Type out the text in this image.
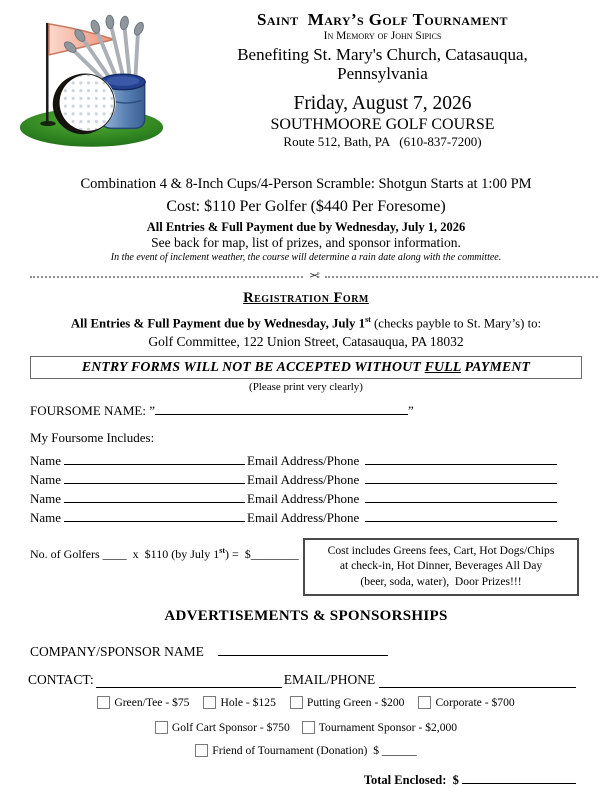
Saint  Mary’s Golf Tournament
In Memory of John Sipics
Benefiting St. Mary's Church, Catasauqua,
Pennsylvania
Friday, August 7, 2026
SOUTHMOORE GOLF COURSE
Route 512, Bath, PA   (610-837-7200)
Combination 4 & 8-Inch Cups/4-Person Scramble: Shotgun Starts at 1:00 PM
Cost: $110 Per Golfer ($440 Per Foresome)
All Entries & Full Payment due by Wednesday, July 1, 2026
See back for map, list of prizes, and sponsor information.
In the event of inclement weather, the course will determine a rain date along with the committee.
✂
Registration Form
All Entries & Full Payment due by Wednesday, July 1st (checks payble to St. Mary’s) to:
Golf Committee, 122 Union Street, Catasauqua, PA 18032
ENTRY FORMS WILL NOT BE ACCEPTED WITHOUT FULL PAYMENT
(Please print very clearly)
FOURSOME NAME: ”	”
My Foursome Includes:
Name	Email Address/Phone
Name	Email Address/Phone
Name	Email Address/Phone
Name	Email Address/Phone
No. of Golfers ____  x  $110 (by July 1st) =  $________	Cost includes Greens fees, Cart, Hot Dogs/Chips
at check-in, Hot Dinner, Beverages All Day
(beer, soda, water),  Door Prizes!!!
ADVERTISEMENTS & SPONSORSHIPS
COMPANY/SPONSOR NAME
CONTACT:	EMAIL/PHONE
Green/Tee - $75	Hole - $125	Putting Green - $200	Corporate - $700
Golf Cart Sponsor - $750	Tournament Sponsor - $2,000
Friend of Tournament (Donation)  $ ______
Total Enclosed:  $
